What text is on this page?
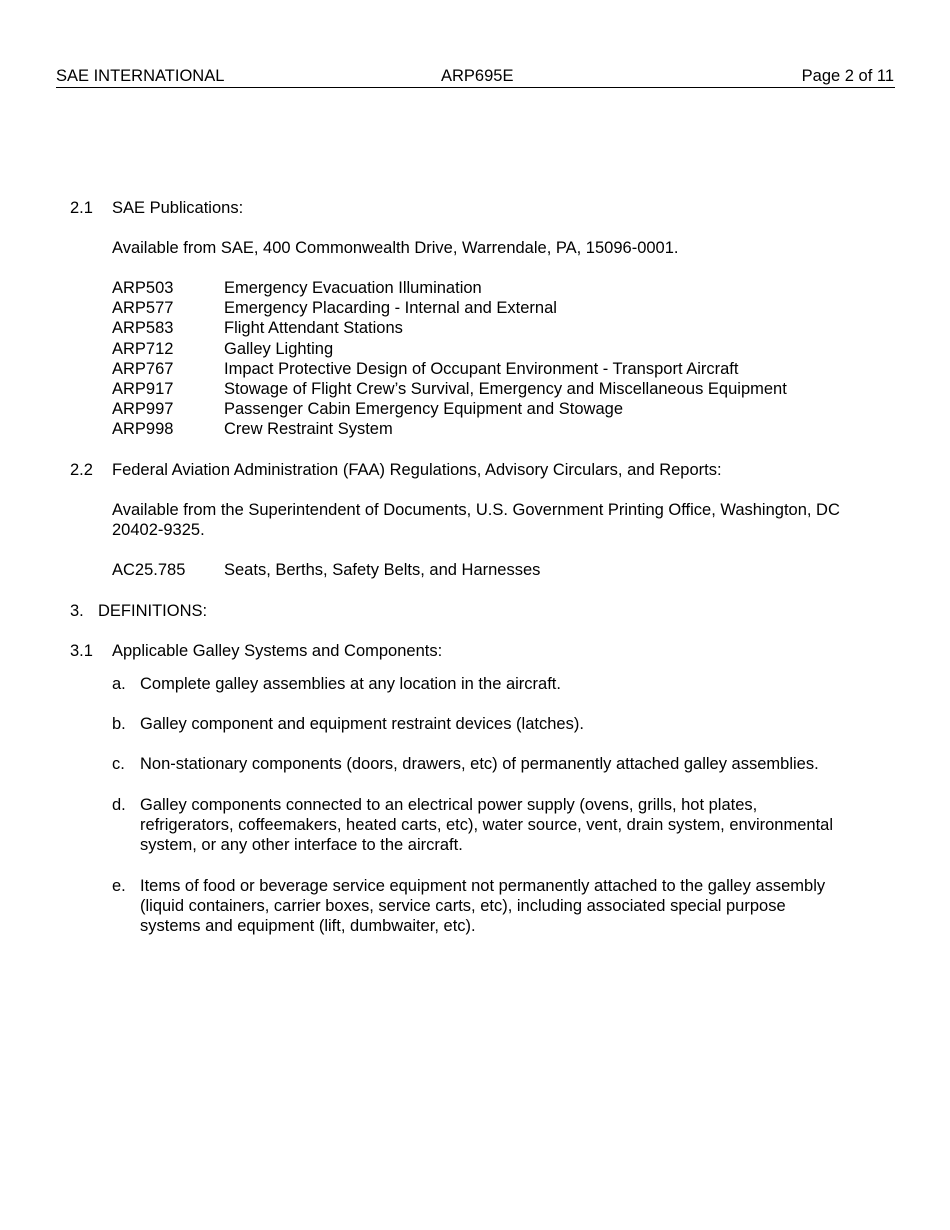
SAE INTERNATIONAL	ARP695E	Page 2 of 11
2.1 SAE Publications:
Available from SAE, 400 Commonwealth Drive, Warrendale, PA, 15096-0001.
ARP503	Emergency Evacuation Illumination
ARP577	Emergency Placarding - Internal and External
ARP583	Flight Attendant Stations
ARP712	Galley Lighting
ARP767	Impact Protective Design of Occupant Environment - Transport Aircraft
ARP917	Stowage of Flight Crew’s Survival, Emergency and Miscellaneous Equipment
ARP997	Passenger Cabin Emergency Equipment and Stowage
ARP998	Crew Restraint System
2.2 Federal Aviation Administration (FAA) Regulations, Advisory Circulars, and Reports:
Available from the Superintendent of Documents, U.S. Government Printing Office, Washington, DC
20402-9325.
AC25.785 Seats, Berths, Safety Belts, and Harnesses
3. DEFINITIONS:
3.1 Applicable Galley Systems and Components:
a. Complete galley assemblies at any location in the aircraft.
b. Galley component and equipment restraint devices (latches).
c. Non-stationary components (doors, drawers, etc) of permanently attached galley assemblies.
d. Galley components connected to an electrical power supply (ovens, grills, hot plates,
refrigerators, coffeemakers, heated carts, etc), water source, vent, drain system, environmental
system, or any other interface to the aircraft.
e. Items of food or beverage service equipment not permanently attached to the galley assembly
(liquid containers, carrier boxes, service carts, etc), including associated special purpose
systems and equipment (lift, dumbwaiter, etc).
